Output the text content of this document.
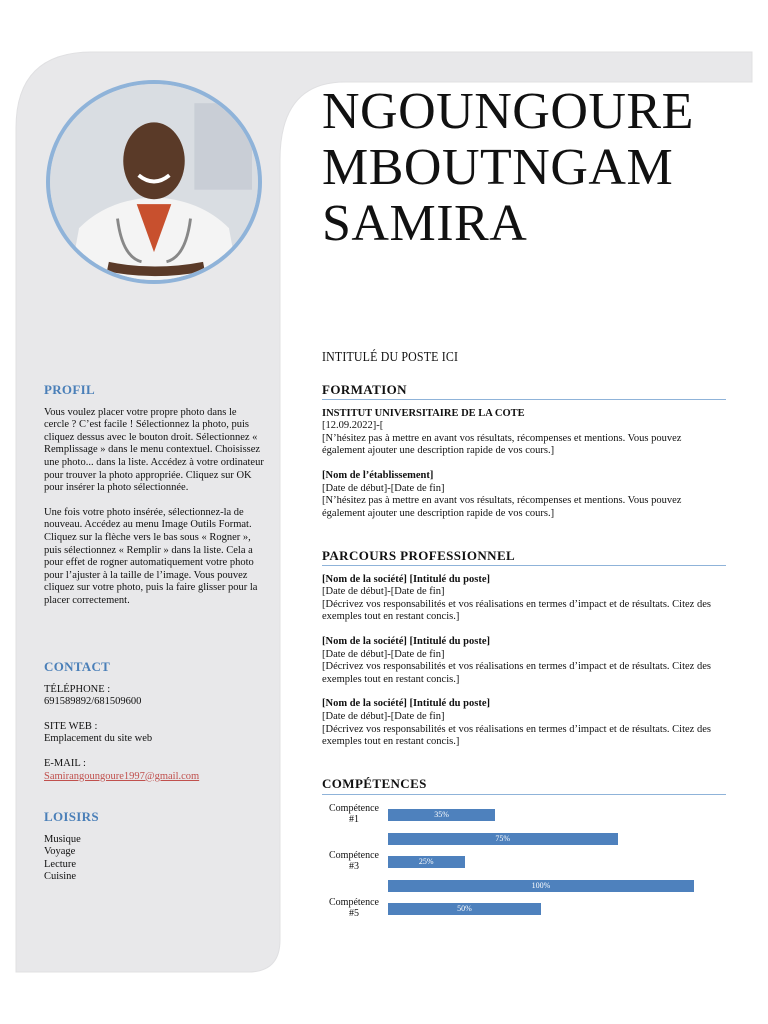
PROFIL

Vous voulez placer votre propre photo dans le cercle ? C’est facile ! Sélectionnez la photo, puis cliquez dessus avec le bouton droit. Sélectionnez « Remplissage » dans le menu contextuel. Choisissez une photo... dans la liste. Accédez à votre ordinateur pour trouver la photo appropriée. Cliquez sur OK pour insérer la photo sélectionnée.

Une fois votre photo insérée, sélectionnez-la de nouveau. Accédez au menu Image Outils Format. Cliquez sur la flèche vers le bas sous « Rogner », puis sélectionnez « Remplir » dans la liste. Cela a pour effet de rogner automatiquement votre photo pour l’ajuster à la taille de l’image. Vous pouvez cliquez sur votre photo, puis la faire glisser pour la placer correctement.

CONTACT

TÉLÉPHONE :

691589892/681509600

SITE WEB :

Emplacement du site web

E-MAIL :

Samirangoungoure1997@gmail.com

LOISIRS

Musique

Voyage

Lecture

Cuisine

NGOUNGOURE MBOUTNGAM SAMIRA

INTITULÉ DU POSTE ICI

FORMATION

INSTITUT UNIVERSITAIRE DE LA COTE

[12.09.2022]-[

[N’hésitez pas à mettre en avant vos résultats, récompenses et mentions. Vous pouvez également ajouter une description rapide de vos cours.]

[Nom de l’établissement]

[Date de début]-[Date de fin]

[N’hésitez pas à mettre en avant vos résultats, récompenses et mentions. Vous pouvez également ajouter une description rapide de vos cours.]

PARCOURS PROFESSIONNEL

[Nom de la société] [Intitulé du poste]

[Date de début]-[Date de fin]

[Décrivez vos responsabilités et vos réalisations en termes d’impact et de résultats. Citez des exemples tout en restant concis.]

[Nom de la société] [Intitulé du poste]

[Date de début]-[Date de fin]

[Décrivez vos responsabilités et vos réalisations en termes d’impact et de résultats. Citez des exemples tout en restant concis.]

[Nom de la société] [Intitulé du poste]

[Date de début]-[Date de fin]

[Décrivez vos responsabilités et vos réalisations en termes d’impact et de résultats. Citez des exemples tout en restant concis.]

COMPÉTENCES
35%
Compétence
#1
75%
25%
Compétence
#3
100%
50%
Compétence
#5
